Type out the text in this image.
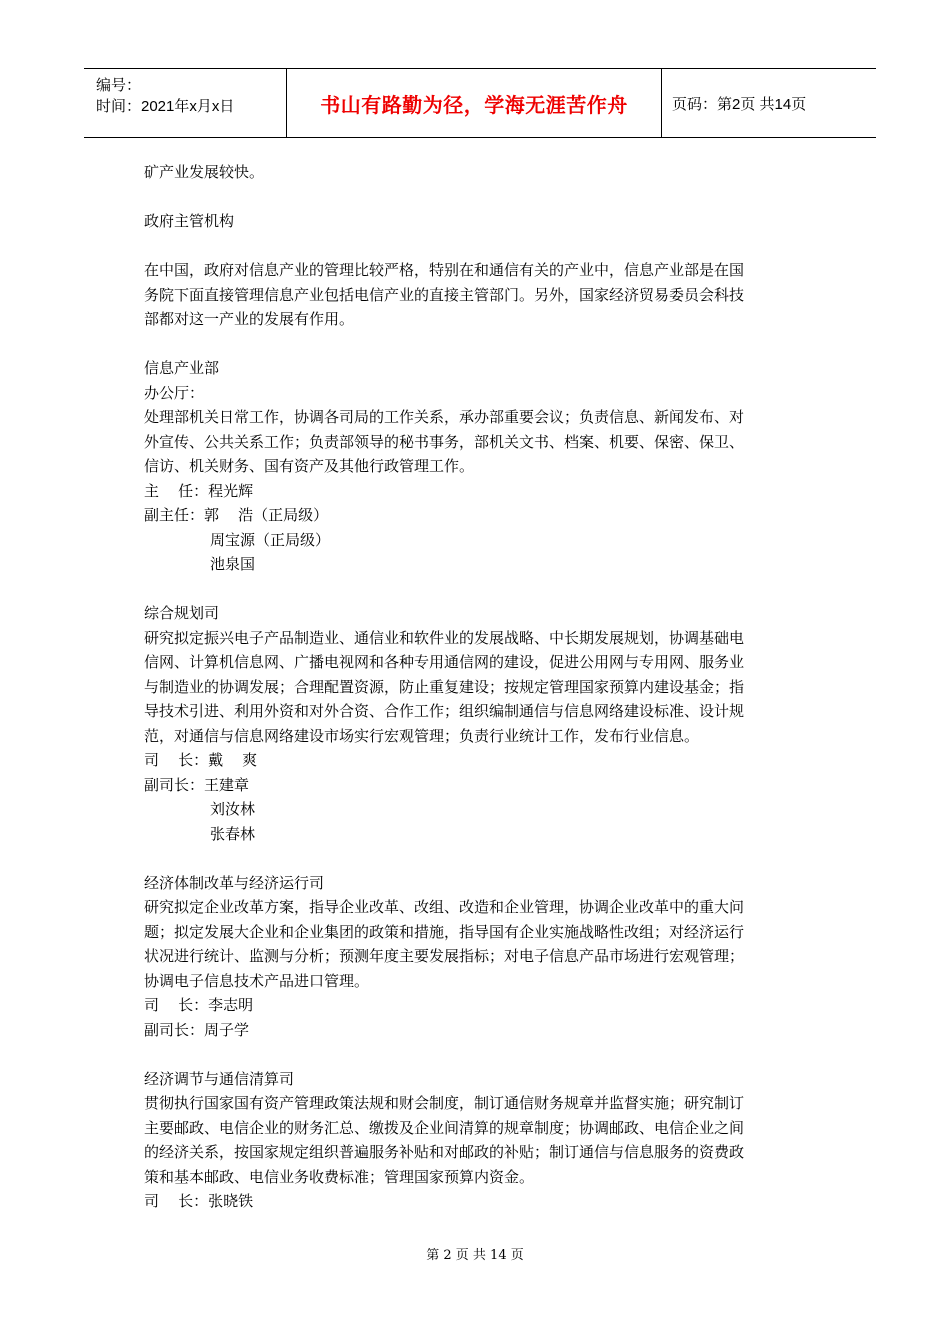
编号：
时间：2021年x月x日	书山有路勤为径，学海无涯苦作舟	页码：第2页 共14页

矿产业发展较快。

政府主管机构

在中国，政府对信息产业的管理比较严格，特别在和通信有关的产业中，信息产业部是在国

务院下面直接管理信息产业包括电信产业的直接主管部门。另外，国家经济贸易委员会科技

部都对这一产业的发展有作用。

信息产业部

办公厅：

处理部机关日常工作，协调各司局的工作关系，承办部重要会议；负责信息、新闻发布、对

外宣传、公共关系工作；负责部领导的秘书事务，部机关文书、档案、机要、保密、保卫、

信访、机关财务、国有资产及其他行政管理工作。

主    任：程光辉

副主任：郭    浩（正局级）

周宝源（正局级）

池泉国

综合规划司

研究拟定振兴电子产品制造业、通信业和软件业的发展战略、中长期发展规划，协调基础电

信网、计算机信息网、广播电视网和各种专用通信网的建设，促进公用网与专用网、服务业

与制造业的协调发展；合理配置资源，防止重复建设；按规定管理国家预算内建设基金；指

导技术引进、利用外资和对外合资、合作工作；组织编制通信与信息网络建设标准、设计规

范，对通信与信息网络建设市场实行宏观管理；负责行业统计工作，发布行业信息。

司    长：戴    爽

副司长：王建章

刘汝林

张春林

经济体制改革与经济运行司

研究拟定企业改革方案，指导企业改革、改组、改造和企业管理，协调企业改革中的重大问

题；拟定发展大企业和企业集团的政策和措施，指导国有企业实施战略性改组；对经济运行

状况进行统计、监测与分析；预测年度主要发展指标；对电子信息产品市场进行宏观管理；

协调电子信息技术产品进口管理。

司    长：李志明

副司长：周子学

经济调节与通信清算司

贯彻执行国家国有资产管理政策法规和财会制度，制订通信财务规章并监督实施；研究制订

主要邮政、电信企业的财务汇总、缴拨及企业间清算的规章制度；协调邮政、电信企业之间

的经济关系，按国家规定组织普遍服务补贴和对邮政的补贴；制订通信与信息服务的资费政

策和基本邮政、电信业务收费标准；管理国家预算内资金。

司    长：张晓铁

第 2 页 共 14 页
